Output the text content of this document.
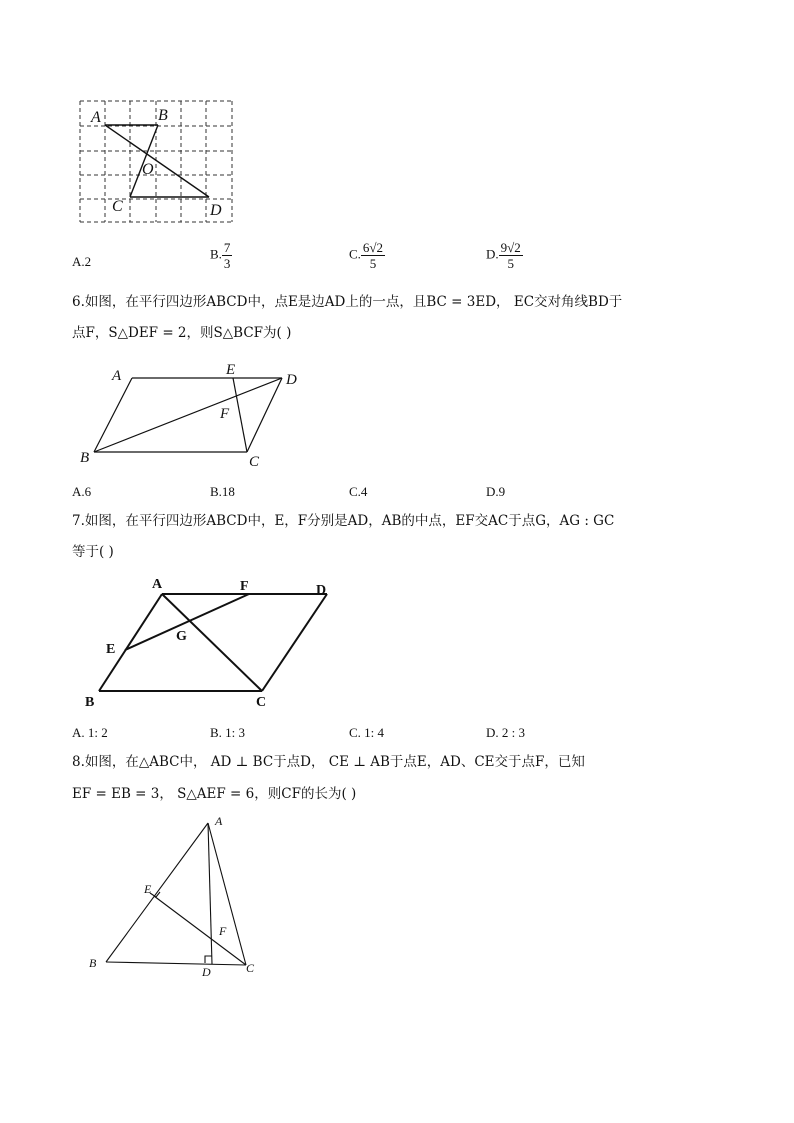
A	B
O
C	D
A.2
B. $\frac{7}{3}$	C. $\frac{6√2}{5}$	D. $\frac{9√2}{5}$
6.如图，在平行四边形ABCD中，点E是边AD上的一点，且BC = 3ED， EC交对角线BD于
点F，S△DEF = 2，则S△BCF为( )
A	E
D
F
B	C
A.6	B.18	C.4	D.9
7.如图，在平行四边形ABCD中，E，F分别是AD，AB的中点，EF交AC于点G，AG : GC
等于( )
A	F	D
E
G
B	C
A. 1: 2	B. 1: 3	C. 1: 4	D. 2 : 3
8.如图，在△ABC中， AD ⊥ BC于点D， CE ⊥ AB于点E，AD、CE交于点F，已知
EF = EB = 3， S△AEF = 6，则CF的长为( )
A
E
F
B
D	C
